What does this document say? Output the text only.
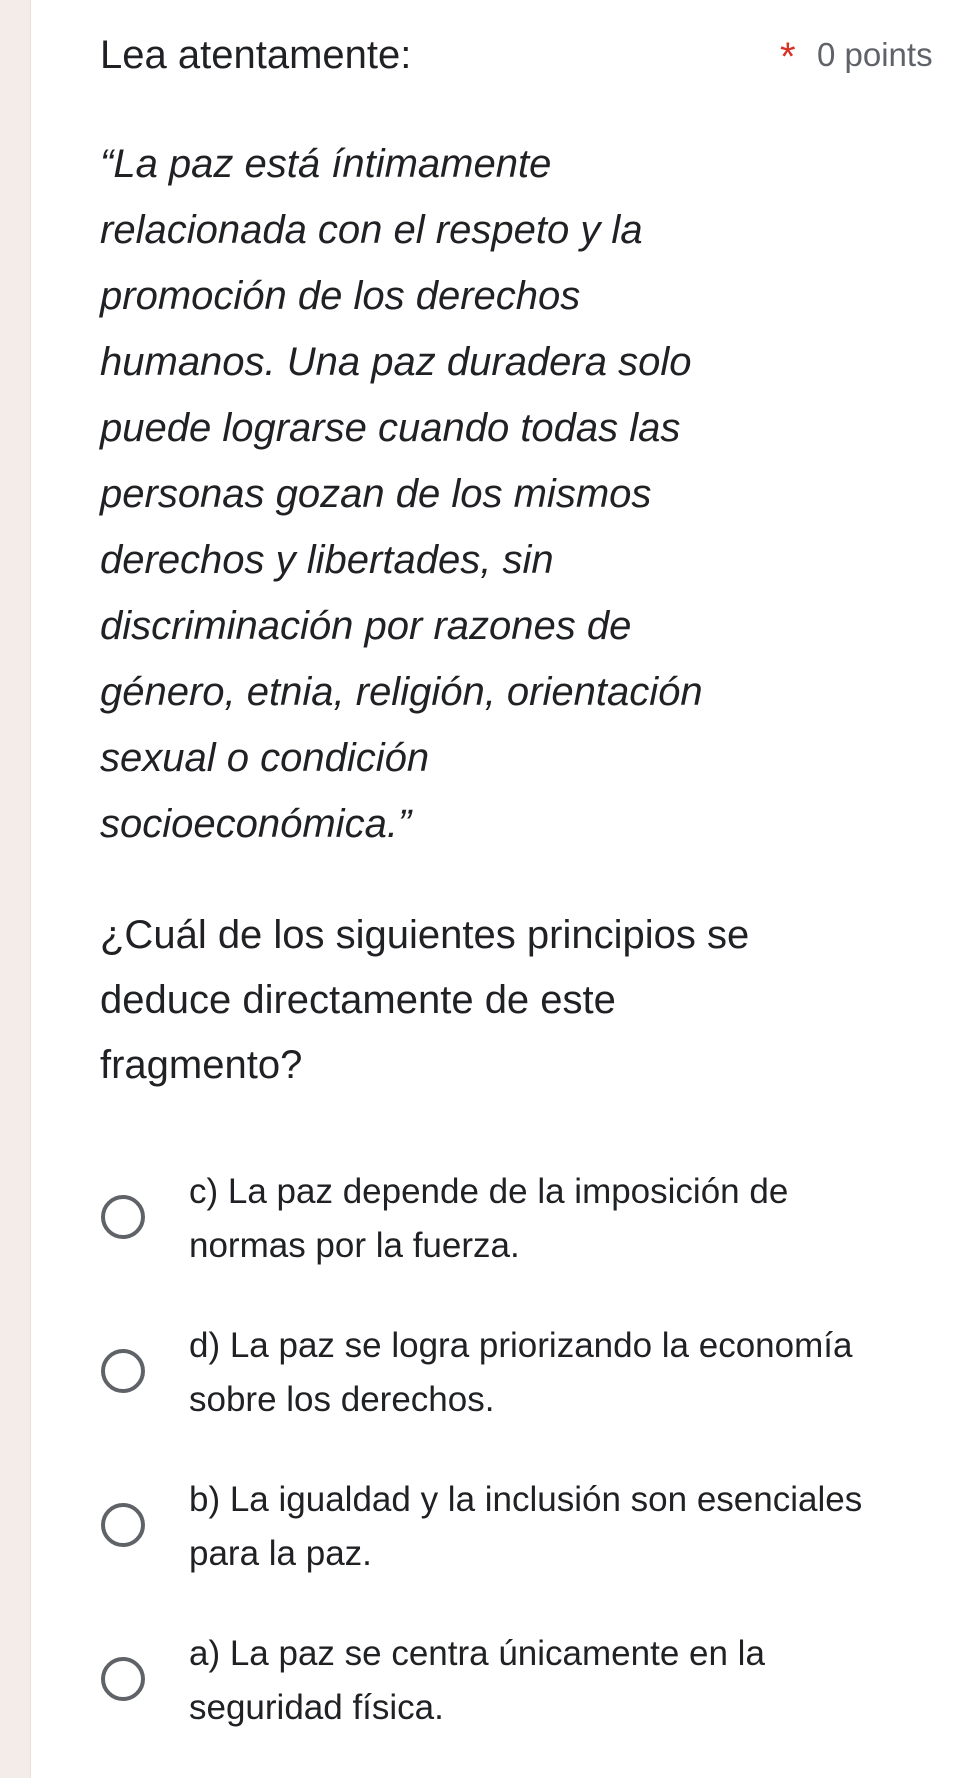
Lea atentamente:	* 0 points

“La paz está íntimamente relacionada con el respeto y la promoción de los derechos humanos. Una paz duradera solo puede lograrse cuando todas las personas gozan de los mismos derechos y libertades, sin discriminación por razones de género, etnia, religión, orientación sexual o condición socioeconómica.”

¿Cuál de los siguientes principios se deduce directamente de este fragmento?

c) La paz depende de la imposición de normas por la fuerza.
d) La paz se logra priorizando la economía sobre los derechos.
b) La igualdad y la inclusión son esenciales para la paz.
a) La paz se centra únicamente en la seguridad física.
